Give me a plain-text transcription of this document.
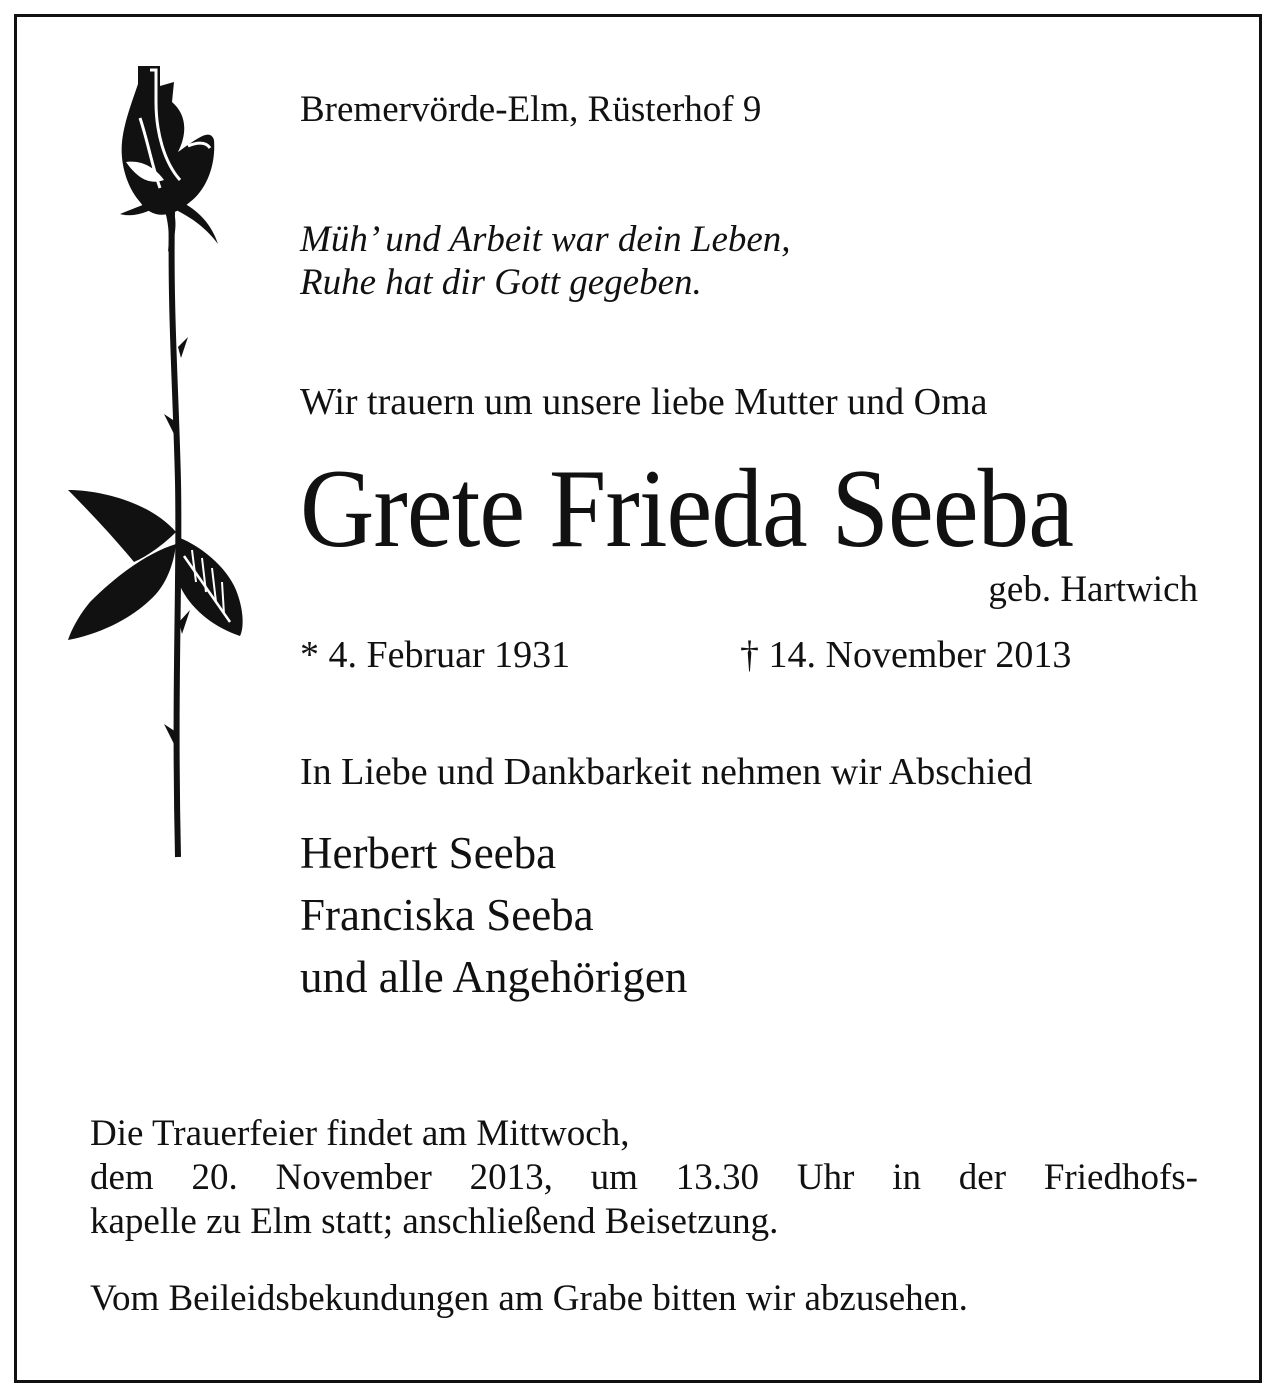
Bremervörde-Elm, Rüsterhof 9
Müh’ und Arbeit war dein Leben,
Ruhe hat dir Gott gegeben.
Wir trauern um unsere liebe Mutter und Oma
Grete Frieda Seeba
geb. Hartwich
* 4. Februar 1931	† 14. November 2013
In Liebe und Dankbarkeit nehmen wir Abschied
Herbert Seeba
Franciska Seeba
und alle Angehörigen
Die Trauerfeier findet am Mittwoch,
dem 20. November 2013, um 13.30 Uhr in der Friedhofs-
kapelle zu Elm statt; anschließend Beisetzung.
Vom Beileidsbekundungen am Grabe bitten wir abzusehen.
